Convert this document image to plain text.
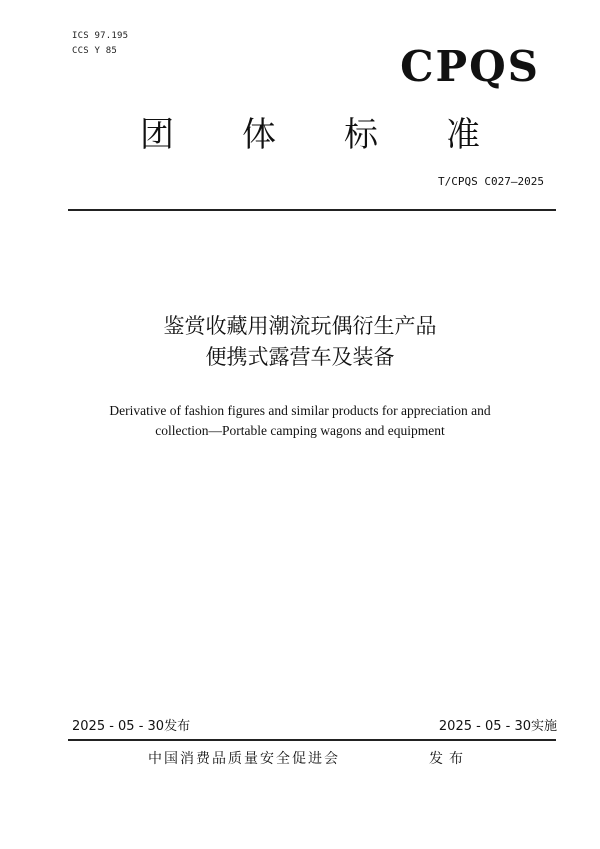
ICS 97.195
CCS Y 85	CPQS
团 体 标 准
T/CPQS C027—2025
鉴赏收藏用潮流玩偶衍生产品
便携式露营车及装备
Derivative of fashion figures and similar products for appreciation and
collection—Portable camping wagons and equipment
2025 - 05 - 30发布	2025 - 05 - 30实施
中国消费品质量安全促进会	发布
